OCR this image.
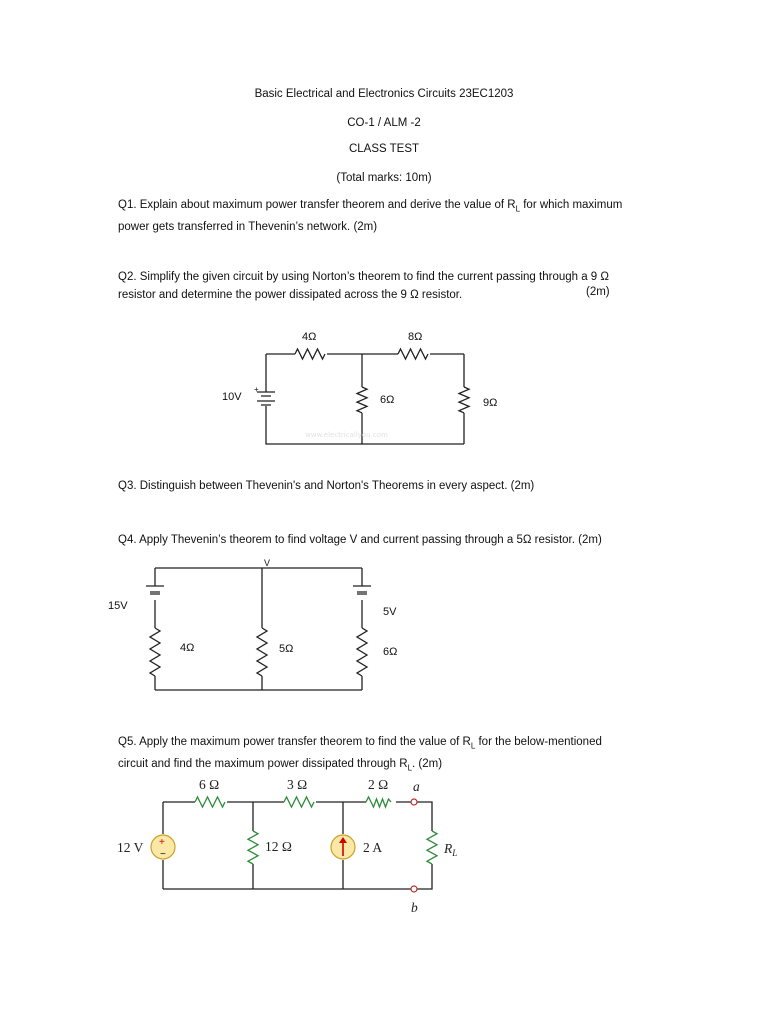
Basic Electrical and Electronics Circuits 23EC1203
CO-1 / ALM -2
CLASS TEST
(Total marks: 10m)
Q1. Explain about maximum power transfer theorem and derive the value of $R_L$ for which maximum
power gets transferred in Thevenin’s network. (2m)
Q2. Simplify the given circuit by using Norton’s theorem to find the current passing through a 9 Ω
resistor and determine the power dissipated across the 9 Ω resistor.	(2m)
4Ω	8Ω
10V
+
6Ω	9Ω
www.electricallyou.com
Q3. Distinguish between Thevenin's and Norton's Theorems in every aspect. (2m)
Q4. Apply Thevenin’s theorem to find voltage V and current passing through a 5Ω resistor. (2m)
V
15V	5V
4Ω	5Ω	6Ω
Q5. Apply the maximum power transfer theorem to find the value of $R_L$ for the below-mentioned
circuit and find the maximum power dissipated through $R_L$. (2m)
+
−
6 Ω	3 Ω	2 Ω a
b
12 V	12 Ω	2 A	$R_L$
